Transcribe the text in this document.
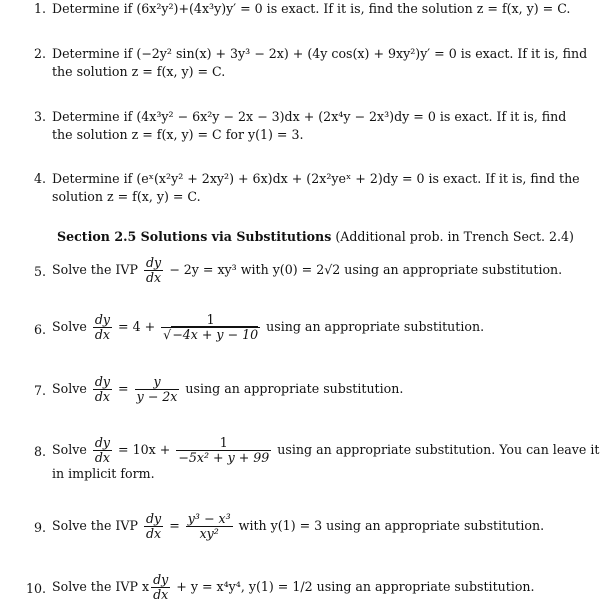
1. Determine if (6x²y²)+(4x³y)y′ = 0 is exact. If it is, find the solution z = f(x, y) = C.
2. Determine if (−2y² sin(x) + 3y³ − 2x) + (4y cos(x) + 9xy²)y′ = 0 is exact. If it is, find
the solution z = f(x, y) = C.
3. Determine if (4x³y² − 6x²y − 2x − 3)dx + (2x⁴y − 2x³)dy = 0 is exact. If it is, find
the solution z = f(x, y) = C for y(1) = 3.
4. Determine if (eˣ(x²y² + 2xy²) + 6x)dx + (2x²yeˣ + 2)dy = 0 is exact. If it is, find the
solution z = f(x, y) = C.
Section 2.5 Solutions via Substitutions (Additional prob. in Trench Sect. 2.4)
5. Solve the IVP $\frac{dy}{dx} - 2y = xy^3$ with y(0) = 2√2 using an appropriate substitution.
6. Solve $\frac{dy}{dx} = 4 + \frac{1}{√-4x + y - 10}$ using an appropriate substitution.
7. Solve $\frac{dy}{dx} = \frac{y}{y - 2x}$ using an appropriate substitution.
8. Solve $\frac{dy}{dx} = 10x + \frac{1}{\text{−5x² + y + 99}}$ using an appropriate substitution. You can leave it
in implicit form.
9. Solve the IVP $\frac{dy}{dx} = \frac{\text{y³ − x³}}{\text{xy²}}$ with y(1) = 3 using an appropriate substitution.
10. Solve the IVP x $\frac{dy}{dx} + y = x^4y^4$, y(1) = 1/2 using an appropriate substitution.
